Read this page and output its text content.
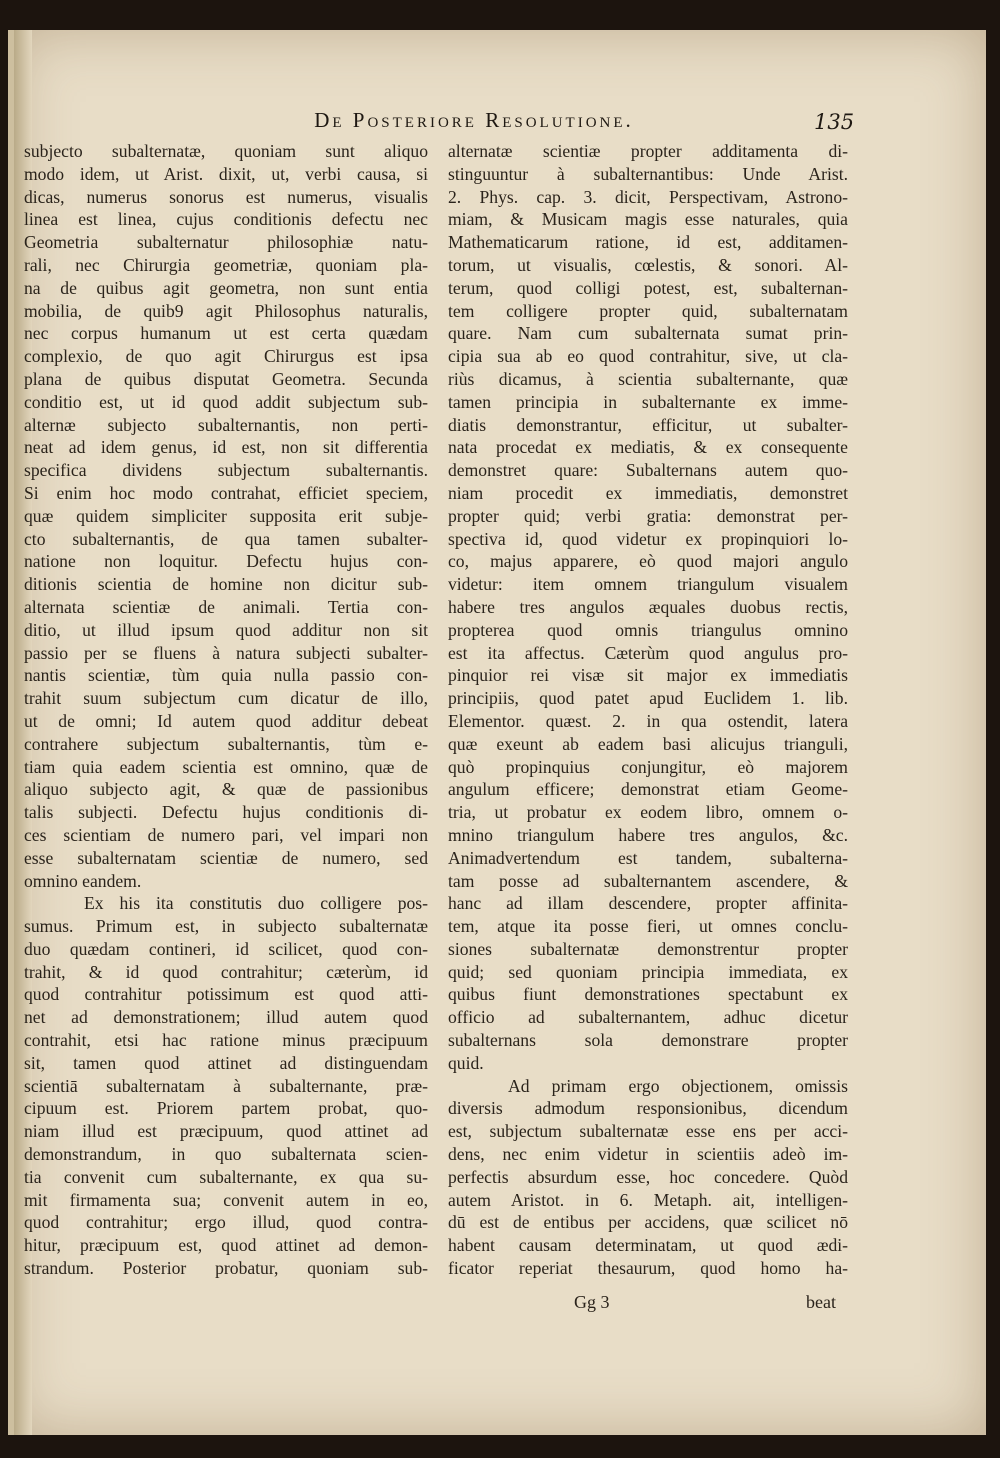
De Posteriore Resolutione.	135
subjecto subalternatæ, quoniam sunt aliquo
modo idem, ut Arist. dixit, ut, verbi causa, si
dicas, numerus sonorus est numerus, visualis
linea est linea, cujus conditionis defectu nec
Geometria subalternatur philosophiæ natu-
rali, nec Chirurgia geometriæ, quoniam pla-
na de quibus agit geometra, non sunt entia
mobilia, de quib9 agit Philosophus naturalis,
nec corpus humanum ut est certa quædam
complexio, de quo agit Chirurgus est ipsa
plana de quibus disputat Geometra. Secunda
conditio est, ut id quod addit subjectum sub-
alternæ subjecto subalternantis, non perti-
neat ad idem genus, id est, non sit differentia
specifica dividens subjectum subalternantis.
Si enim hoc modo contrahat, efficiet speciem,
quæ quidem simpliciter supposita erit subje-
cto subalternantis, de qua tamen subalter-
natione non loquitur. Defectu hujus con-
ditionis scientia de homine non dicitur sub-
alternata scientiæ de animali. Tertia con-
ditio, ut illud ipsum quod additur non sit
passio per se fluens à natura subjecti subalter-
nantis scientiæ, tùm quia nulla passio con-
trahit suum subjectum cum dicatur de illo,
ut de omni; Id autem quod additur debeat
contrahere subjectum subalternantis, tùm e-
tiam quia eadem scientia est omnino, quæ de
aliquo subjecto agit, & quæ de passionibus
talis subjecti. Defectu hujus conditionis di-
ces scientiam de numero pari, vel impari non
esse subalternatam scientiæ de numero, sed
omnino eandem.
Ex his ita constitutis duo colligere pos-
sumus. Primum est, in subjecto subalternatæ
duo quædam contineri, id scilicet, quod con-
trahit, & id quod contrahitur; cæterùm, id
quod contrahitur potissimum est quod atti-
net ad demonstrationem; illud autem quod
contrahit, etsi hac ratione minus præcipuum
sit, tamen quod attinet ad distinguendam
scientiā subalternatam à subalternante, præ-
cipuum est. Priorem partem probat, quo-
niam illud est præcipuum, quod attinet ad
demonstrandum, in quo subalternata scien-
tia convenit cum subalternante, ex qua su-
mit firmamenta sua; convenit autem in eo,
quod contrahitur; ergo illud, quod contra-
hitur, præcipuum est, quod attinet ad demon-
strandum. Posterior probatur, quoniam sub-
alternatæ scientiæ propter additamenta di-
stinguuntur à subalternantibus: Unde Arist.
2. Phys. cap. 3. dicit, Perspectivam, Astrono-
miam, & Musicam magis esse naturales, quia
Mathematicarum ratione, id est, additamen-
torum, ut visualis, cœlestis, & sonori. Al-
terum, quod colligi potest, est, subalternan-
tem colligere propter quid, subalternatam
quare. Nam cum subalternata sumat prin-
cipia sua ab eo quod contrahitur, sive, ut cla-
riùs dicamus, à scientia subalternante, quæ
tamen principia in subalternante ex imme-
diatis demonstrantur, efficitur, ut subalter-
nata procedat ex mediatis, & ex consequente
demonstret quare: Subalternans autem quo-
niam procedit ex immediatis, demonstret
propter quid; verbi gratia: demonstrat per-
spectiva id, quod videtur ex propinquiori lo-
co, majus apparere, eò quod majori angulo
videtur: item omnem triangulum visualem
habere tres angulos æquales duobus rectis,
propterea quod omnis triangulus omnino
est ita affectus. Cæterùm quod angulus pro-
pinquior rei visæ sit major ex immediatis
principiis, quod patet apud Euclidem 1. lib.
Elementor. quæst. 2. in qua ostendit, latera
quæ exeunt ab eadem basi alicujus trianguli,
quò propinquius conjungitur, eò majorem
angulum efficere; demonstrat etiam Geome-
tria, ut probatur ex eodem libro, omnem o-
mnino triangulum habere tres angulos, &c.
Animadvertendum est tandem, subalterna-
tam posse ad subalternantem ascendere, &
hanc ad illam descendere, propter affinita-
tem, atque ita posse fieri, ut omnes conclu-
siones subalternatæ demonstrentur propter
quid; sed quoniam principia immediata, ex
quibus fiunt demonstrationes spectabunt ex
officio ad subalternantem, adhuc dicetur
subalternans sola demonstrare propter
quid.
Ad primam ergo objectionem, omissis
diversis admodum responsionibus, dicendum
est, subjectum subalternatæ esse ens per acci-
dens, nec enim videtur in scientiis adeò im-
perfectis absurdum esse, hoc concedere. Quòd
autem Aristot. in 6. Metaph. ait, intelligen-
dū est de entibus per accidens, quæ scilicet nō
habent causam determinatam, ut quod ædi-
ficator reperiat thesaurum, quod homo ha-
Gg 3	beat
